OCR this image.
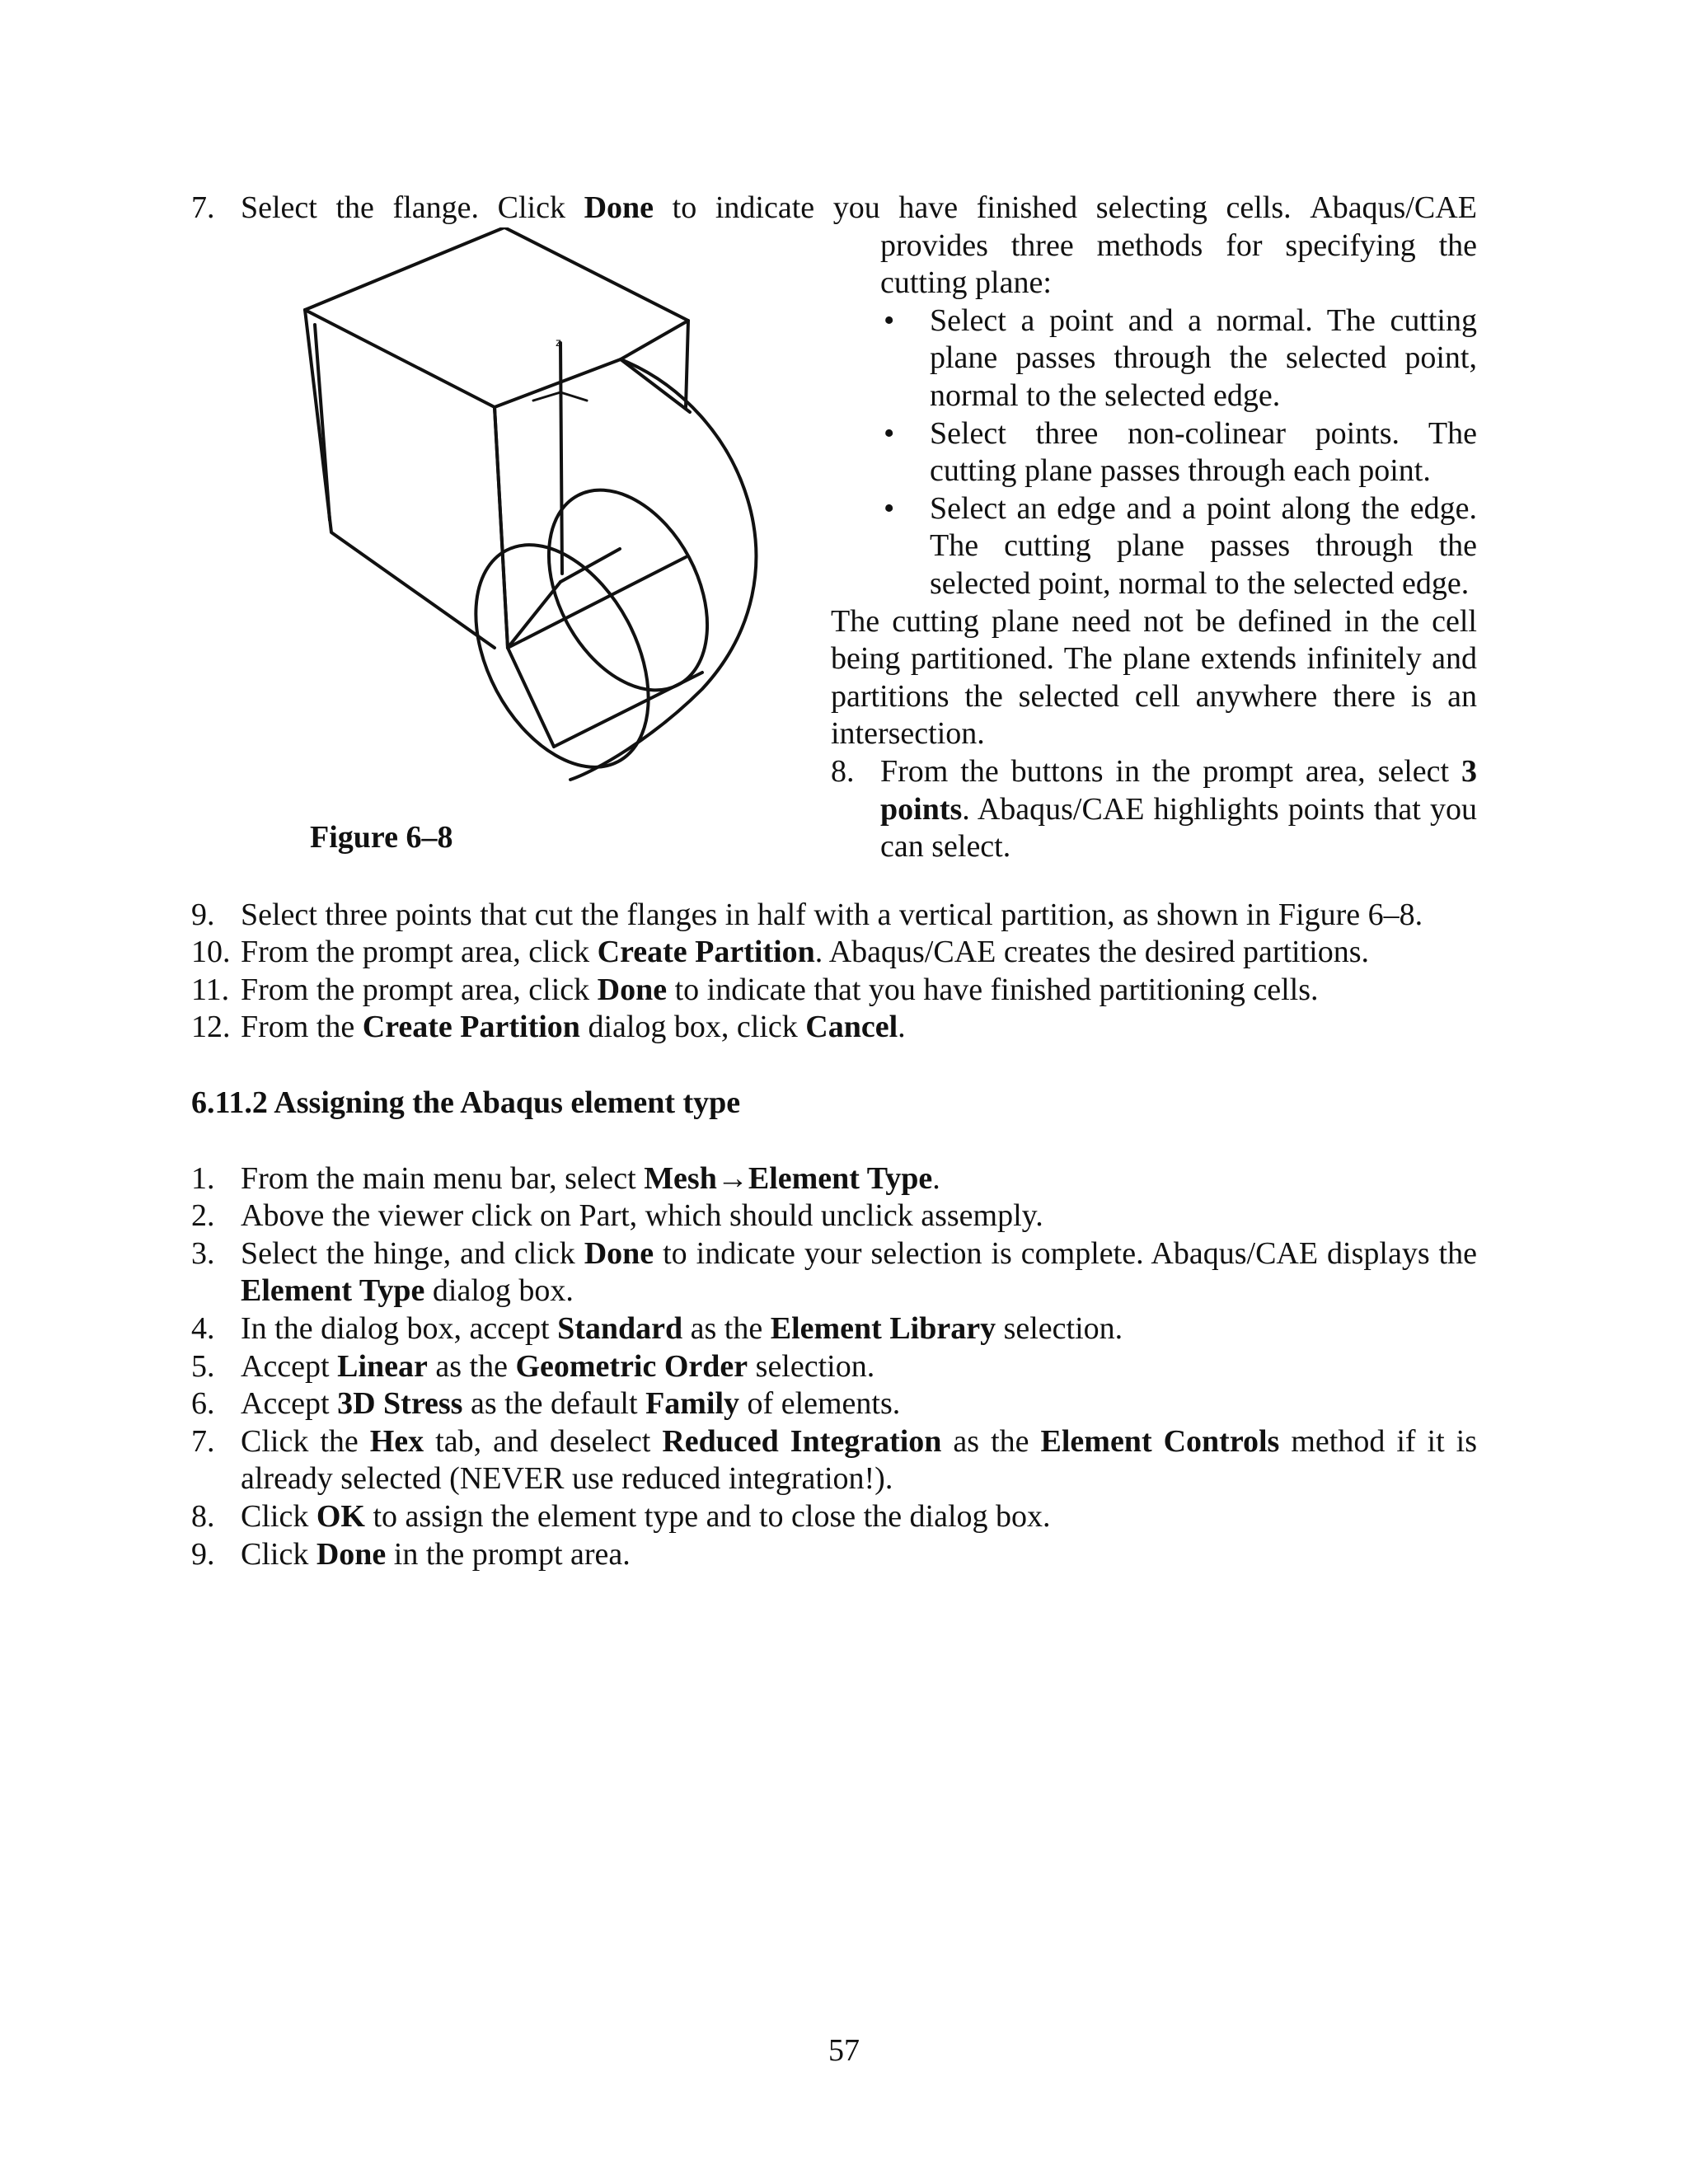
7. Select the flange. Click Done to indicate you have finished selecting cells. Abaqus/CAE
z
Figure 6–8
provides three methods for specifying the cutting plane:
•	Select a point and a normal. The cutting plane passes through the selected point, normal to the selected edge.
•	Select three non-colinear points. The cutting plane passes through each point.
•	Select an edge and a point along the edge. The cutting plane passes through the selected point, normal to the selected edge.
The cutting plane need not be defined in the cell being partitioned. The plane extends infinitely and partitions the selected cell anywhere there is an intersection.
8. From the buttons in the prompt area, select 3 points. Abaqus/CAE highlights points that you can select.
9. Select three points that cut the flanges in half with a vertical partition, as shown in Figure 6–8.
10. From the prompt area, click Create Partition. Abaqus/CAE creates the desired partitions.
11. From the prompt area, click Done to indicate that you have finished partitioning cells.
12. From the Create Partition dialog box, click Cancel.
6.11.2 Assigning the Abaqus element type
1. From the main menu bar, select Mesh→Element Type.
2. Above the viewer click on Part, which should unclick assemply.
3. Select the hinge, and click Done to indicate your selection is complete. Abaqus/CAE displays the Element Type dialog box.
4. In the dialog box, accept Standard as the Element Library selection.
5. Accept Linear as the Geometric Order selection.
6. Accept 3D Stress as the default Family of elements.
7. Click the Hex tab, and deselect Reduced Integration as the Element Controls method if it is already selected (NEVER use reduced integration!).
8. Click OK to assign the element type and to close the dialog box.
9. Click Done in the prompt area.
57
